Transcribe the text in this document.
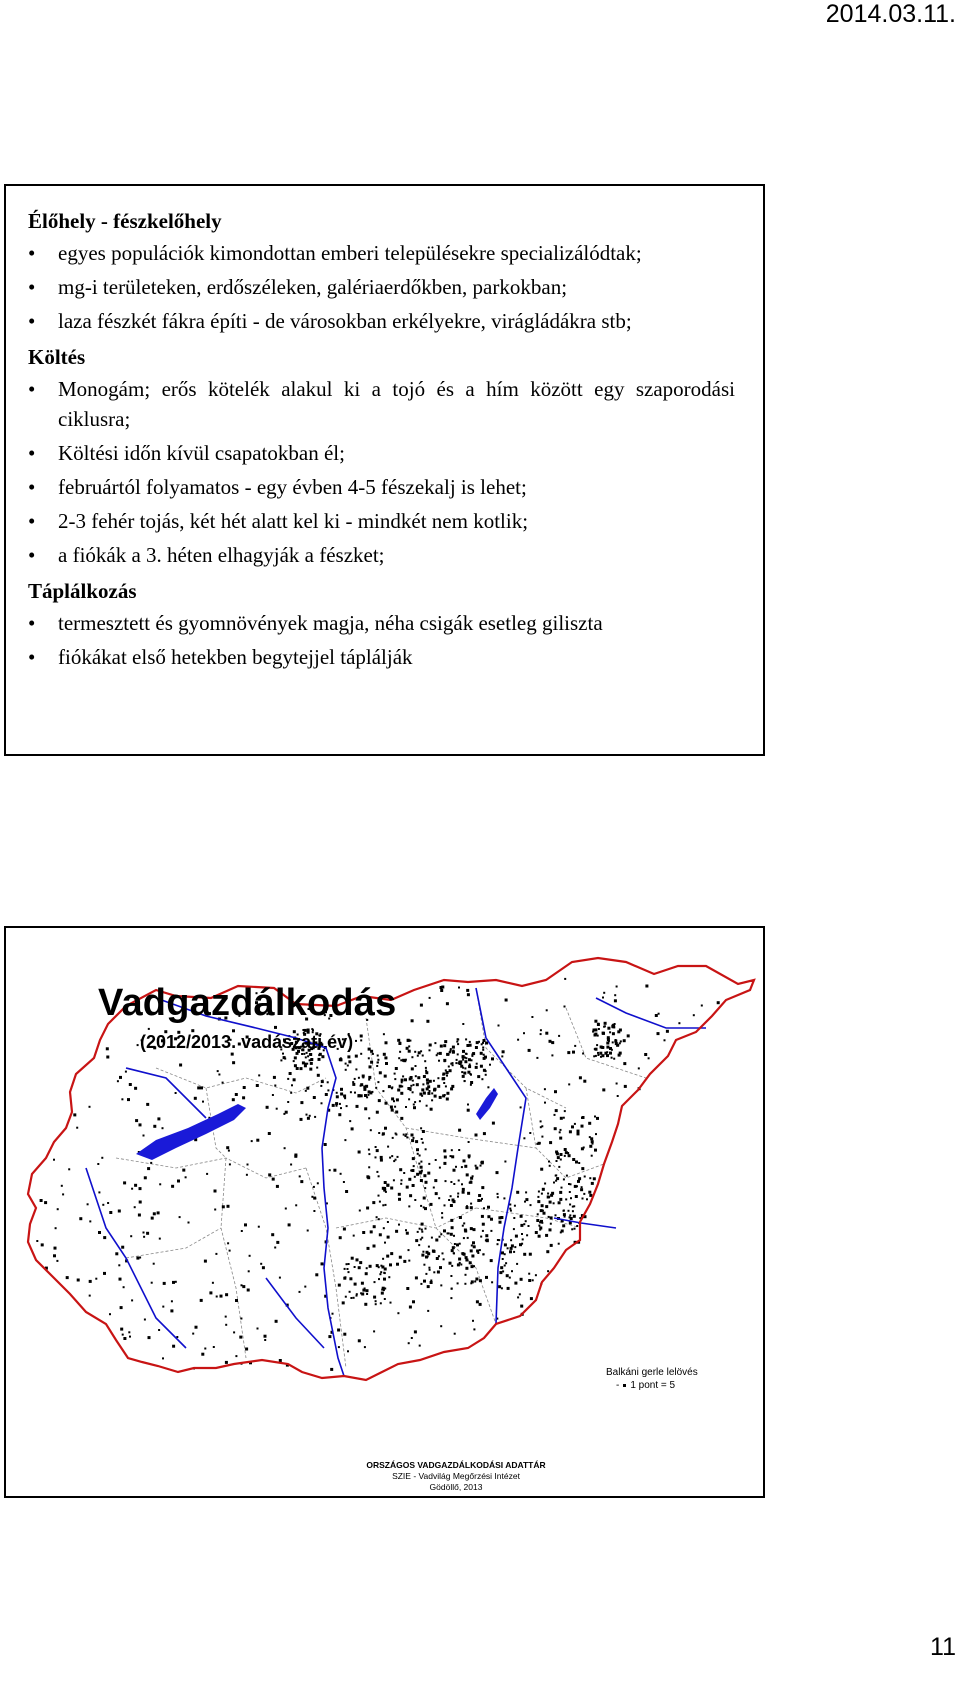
2014.03.11.

Élőhely - fészkelőhely

• egyes populációk kimondottan emberi településekre specializálódtak;
• mg-i területeken, erdőszéleken, galériaerdőkben, parkokban;
• laza fészkét fákra építi - de városokban erkélyekre, virágládákra stb;

Költés

• Monogám; erős kötelék alakul ki a tojó és a hím között egy szaporodási ciklusra;
• Költési időn kívül csapatokban él;
• februártól folyamatos - egy évben 4-5 fészekalj is lehet;
• 2-3 fehér tojás, két hét alatt kel ki - mindkét nem kotlik;
• a fiókák a 3. héten elhagyják a fészket;

Táplálkozás

• termesztett és gyomnövények magja, néha csigák esetleg giliszta
• fiókákat első hetekben begytejjel táplálják
Vadgazdálkodás
(2012/2013. vadászati év)
Balkáni gerle lelövés
- 1 pont = 5
ORSZÁGOS VADGAZDÁLKODÁSI ADATTÁR
SZIE - Vadvilág Megőrzési Intézet
Gödöllő, 2013
11
